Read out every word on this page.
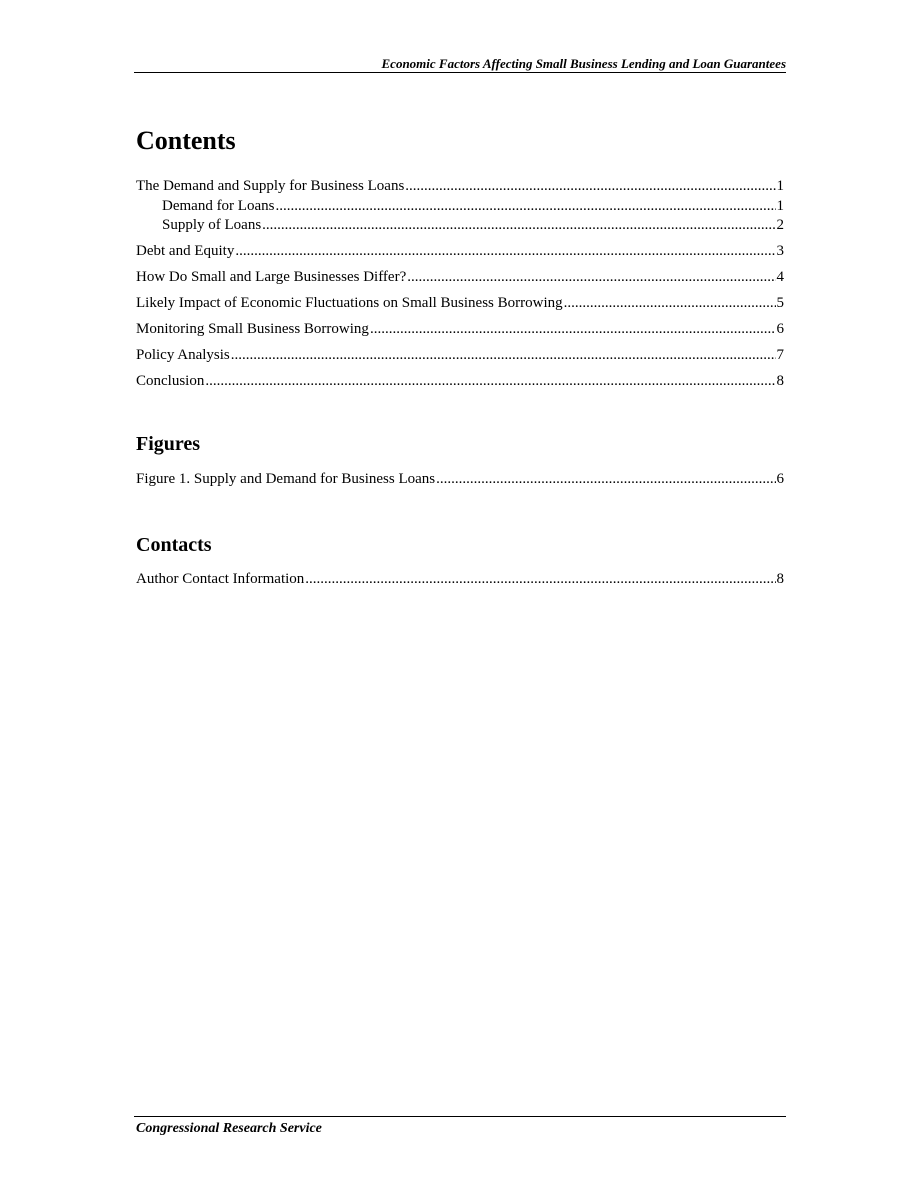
Economic Factors Affecting Small Business Lending and Loan Guarantees
Contents
The Demand and Supply for Business Loans .....	1
Demand for Loans .....	1
Supply of Loans .....	2
Debt and Equity .....	3
How Do Small and Large Businesses Differ? .....	4
Likely Impact of Economic Fluctuations on Small Business Borrowing .....	5
Monitoring Small Business Borrowing .....	6
Policy Analysis .....	7
Conclusion .....	8
Figures
Figure 1. Supply and Demand for Business Loans .....	6
Contacts
Author Contact Information .....	8
Congressional Research Service
